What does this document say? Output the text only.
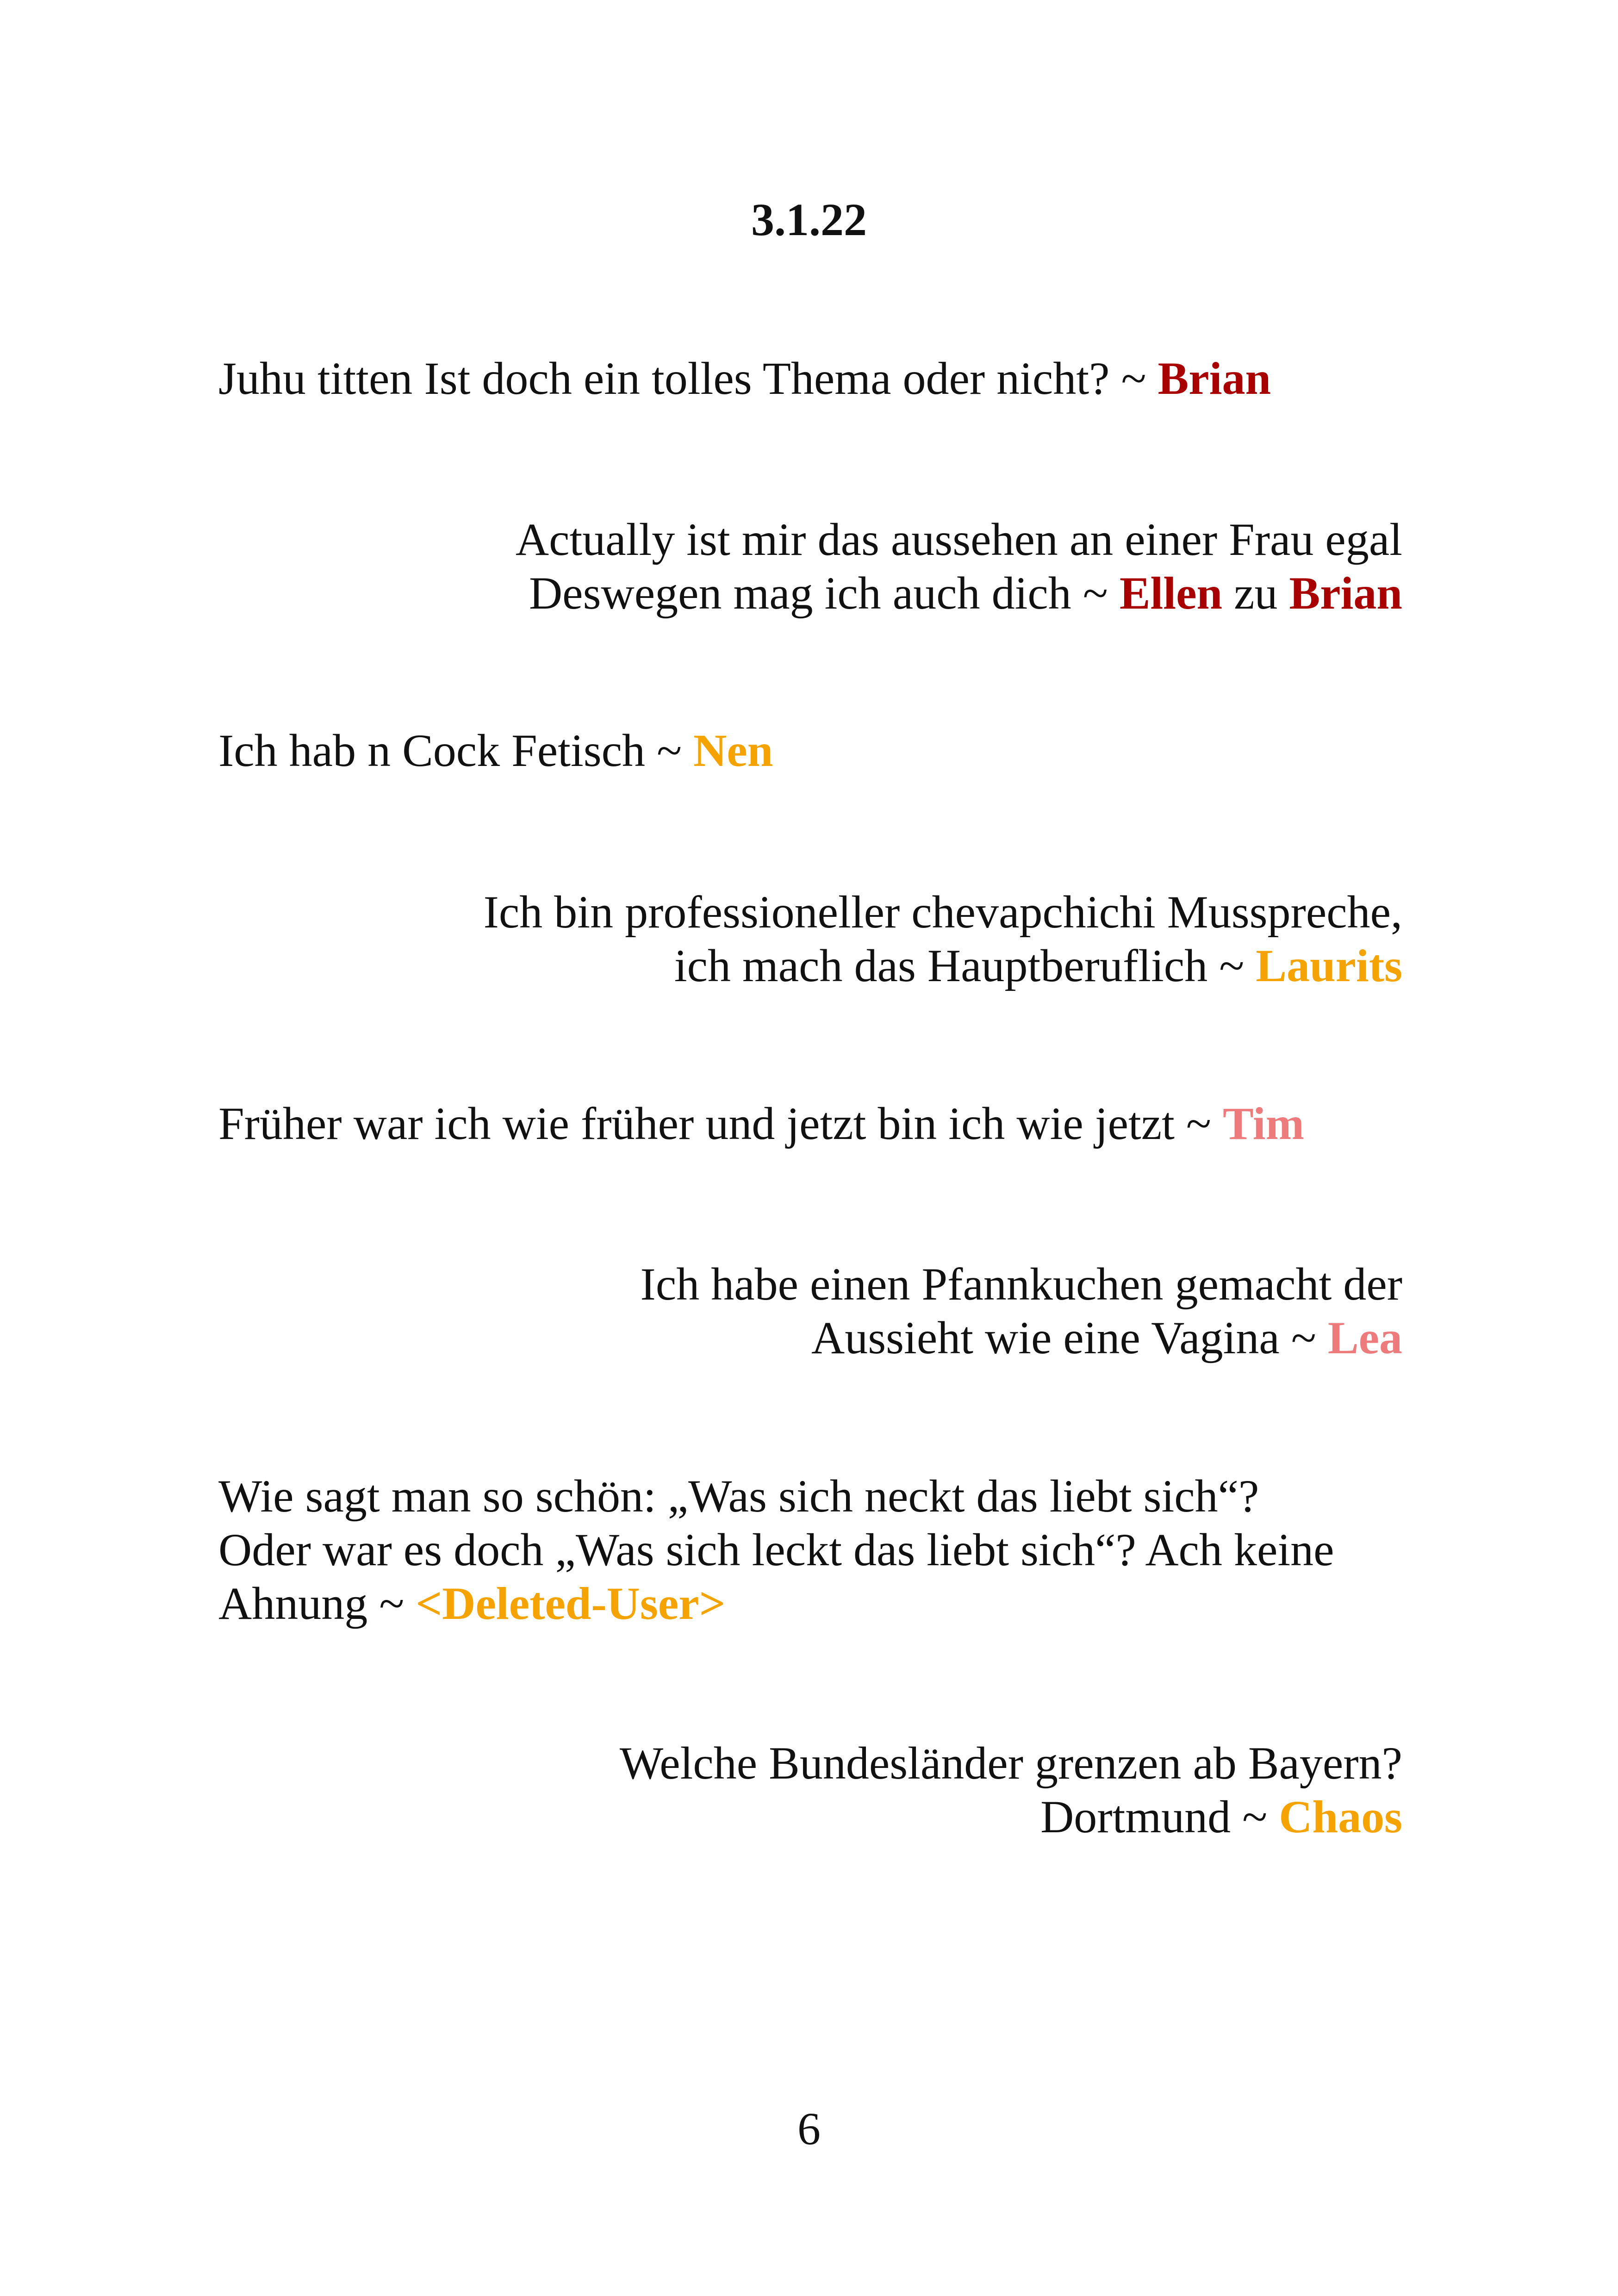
3.1.22
Juhu titten Ist doch ein tolles Thema oder nicht? ~ Brian
Actually ist mir das aussehen an einer Frau egal
Deswegen mag ich auch dich ~ Ellen zu Brian
Ich hab n Cock Fetisch ~ Nen
Ich bin professioneller chevapchichi Musspreche,
ich mach das Hauptberuflich ~ Laurits
Früher war ich wie früher und jetzt bin ich wie jetzt ~ Tim
Ich habe einen Pfannkuchen gemacht der
Aussieht wie eine Vagina ~ Lea
Wie sagt man so schön: „Was sich neckt das liebt sich“?
Oder war es doch „Was sich leckt das liebt sich“? Ach keine
Ahnung ~ <Deleted-User>
Welche Bundesländer grenzen ab Bayern?
Dortmund ~ Chaos
6
